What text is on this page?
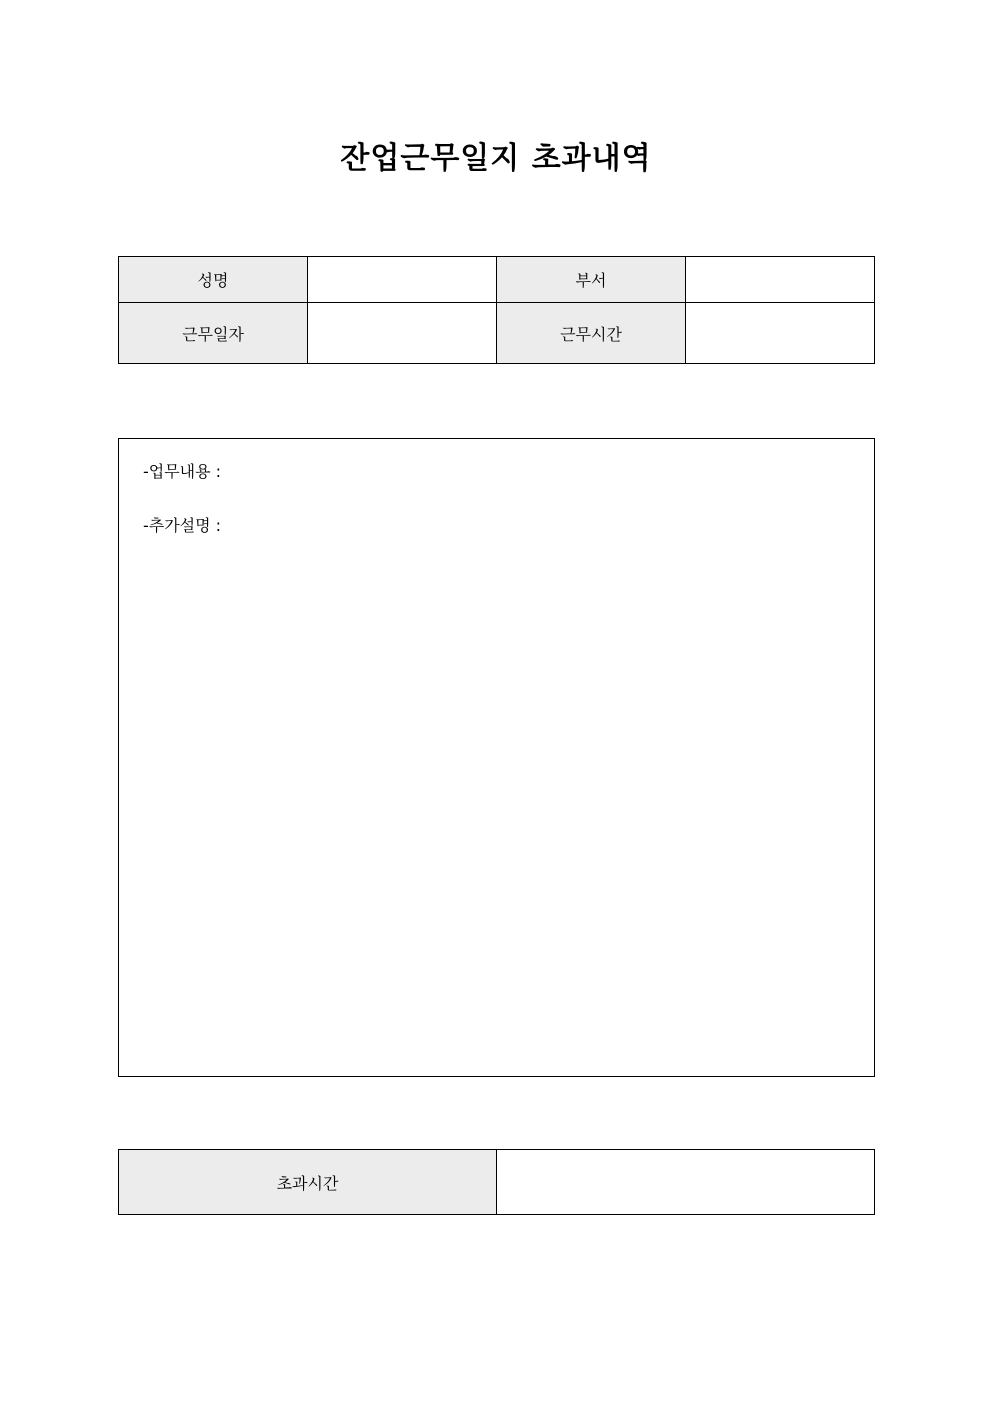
잔업근무일지 초과내역
성명		부서	
근무일자		근무시간	
-업무내용 :
-추가설명 :
초과시간	
